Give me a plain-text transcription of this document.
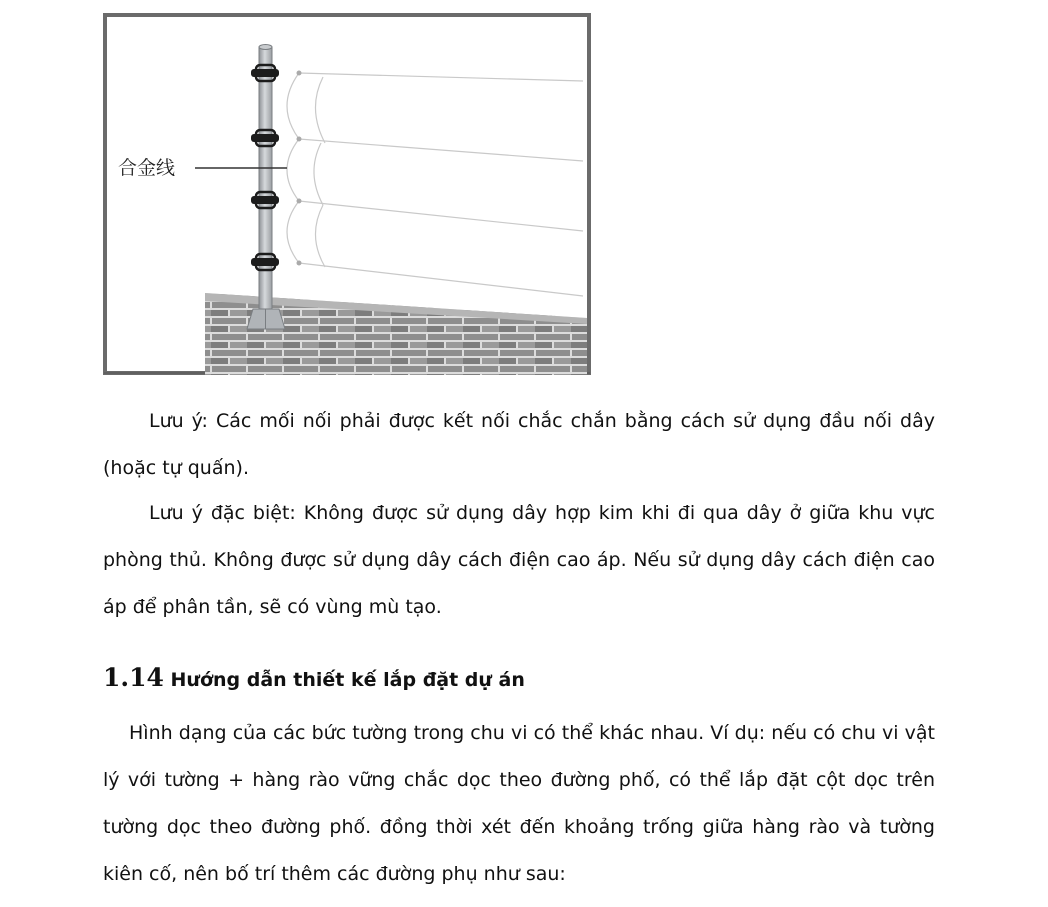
合金线

Lưu ý: Các mối nối phải được kết nối chắc chắn bằng cách sử dụng đầu nối dây (hoặc tự quấn).

Lưu ý đặc biệt: Không được sử dụng dây hợp kim khi đi qua dây ở giữa khu vực phòng thủ. Không được sử dụng dây cách điện cao áp. Nếu sử dụng dây cách điện cao áp để phân tần, sẽ có vùng mù tạo.

1.14 Hướng dẫn thiết kế lắp đặt dự án

Hình dạng của các bức tường trong chu vi có thể khác nhau. Ví dụ: nếu có chu vi vật lý với tường + hàng rào vững chắc dọc theo đường phố, có thể lắp đặt cột dọc trên tường dọc theo đường phố. đồng thời xét đến khoảng trống giữa hàng rào và tường kiên cố, nên bố trí thêm các đường phụ như sau:
